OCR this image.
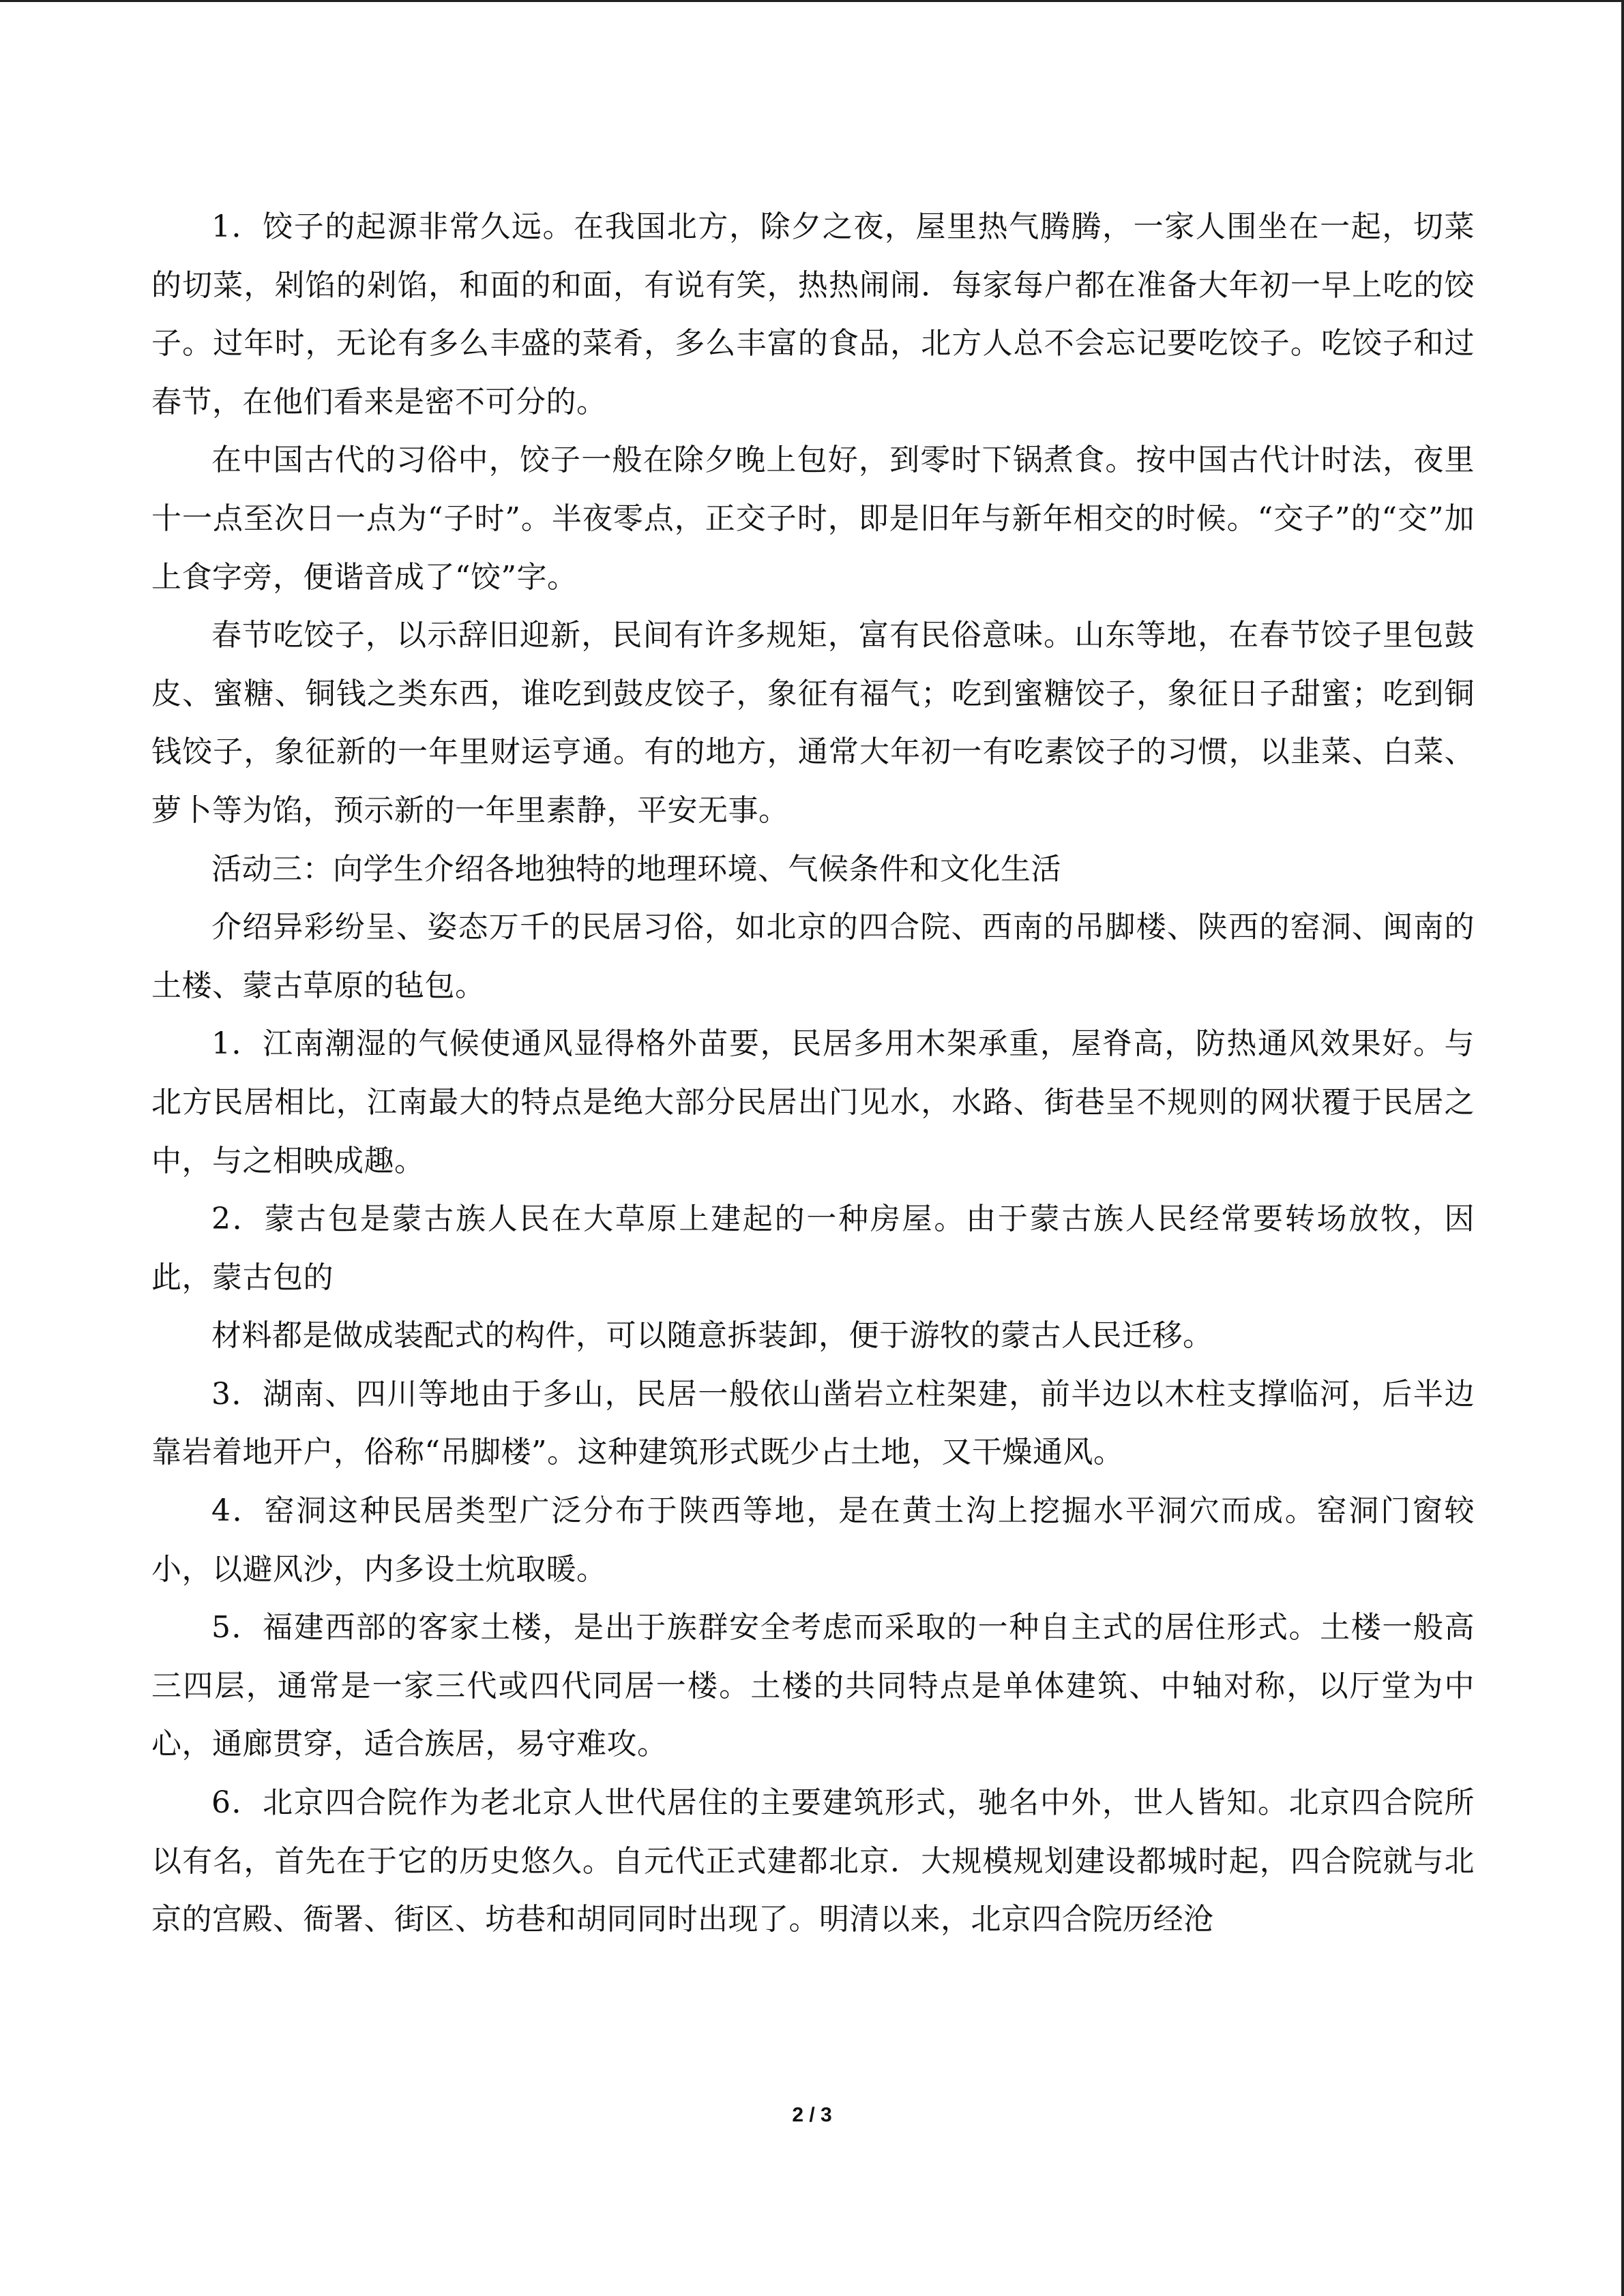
1．饺子的起源非常久远。在我国北方，除夕之夜，屋里热气腾腾，一家人围坐在一起，切菜的切菜，剁馅的剁馅，和面的和面，有说有笑，热热闹闹．每家每户都在准备大年初一早上吃的饺子。过年时，无论有多么丰盛的菜肴，多么丰富的食品，北方人总不会忘记要吃饺子。吃饺子和过春节，在他们看来是密不可分的。

在中国古代的习俗中，饺子一般在除夕晚上包好，到零时下锅煮食。按中国古代计时法，夜里十一点至次日一点为“子时”。半夜零点，正交子时，即是旧年与新年相交的时候。“交子”的“交”加上食字旁，便谐音成了“饺”字。

春节吃饺子，以示辞旧迎新，民间有许多规矩，富有民俗意味。山东等地，在春节饺子里包鼓皮、蜜糖、铜钱之类东西，谁吃到鼓皮饺子，象征有福气；吃到蜜糖饺子，象征日子甜蜜；吃到铜钱饺子，象征新的一年里财运亨通。有的地方，通常大年初一有吃素饺子的习惯，以韭菜、白菜、萝卜等为馅，预示新的一年里素静，平安无事。

活动三：向学生介绍各地独特的地理环境、气候条件和文化生活

介绍异彩纷呈、姿态万千的民居习俗，如北京的四合院、西南的吊脚楼、陕西的窑洞、闽南的土楼、蒙古草原的毡包。

1．江南潮湿的气候使通风显得格外苗要，民居多用木架承重，屋脊高，防热通风效果好。与北方民居相比，江南最大的特点是绝大部分民居出门见水，水路、街巷呈不规则的网状覆于民居之中，与之相映成趣。

2．蒙古包是蒙古族人民在大草原上建起的一种房屋。由于蒙古族人民经常要转场放牧，因此，蒙古包的

材料都是做成装配式的构件，可以随意拆装卸，便于游牧的蒙古人民迁移。

3．湖南、四川等地由于多山，民居一般依山凿岩立柱架建，前半边以木柱支撑临河，后半边靠岩着地开户，俗称“吊脚楼”。这种建筑形式既少占土地，又干燥通风。

4．窑洞这种民居类型广泛分布于陕西等地，是在黄土沟上挖掘水平洞穴而成。窑洞门窗较小，以避风沙，内多设土炕取暖。

5．福建西部的客家土楼，是出于族群安全考虑而采取的一种自主式的居住形式。土楼一般高三四层，通常是一家三代或四代同居一楼。土楼的共同特点是单体建筑、中轴对称，以厅堂为中心，通廊贯穿，适合族居，易守难攻。

6．北京四合院作为老北京人世代居住的主要建筑形式，驰名中外，世人皆知。北京四合院所以有名，首先在于它的历史悠久。自元代正式建都北京．大规模规划建设都城时起，四合院就与北京的宫殿、衙署、街区、坊巷和胡同同时出现了。明清以来，北京四合院历经沧

2 / 3
